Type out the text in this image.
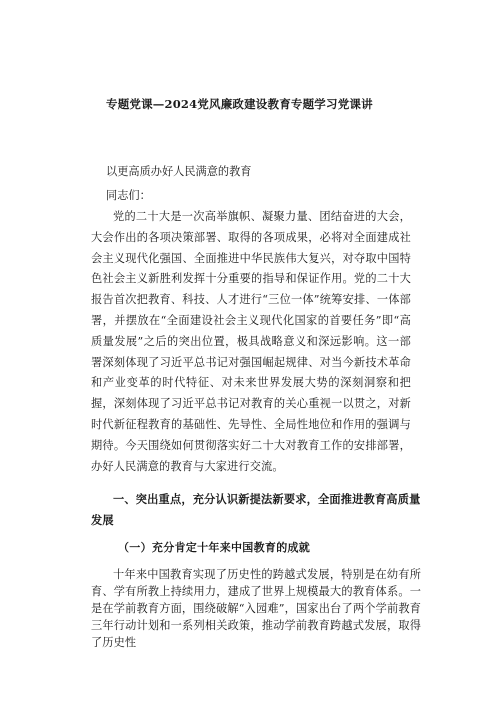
专题党课—2024党风廉政建设教育专题学习党课讲

以更高质办好人民满意的教育

同志们：

党的二十大是一次高举旗帜、凝聚力量、团结奋进的大会，大会作出的各项决策部署、取得的各项成果，必将对全面建成社会主义现代化强国、全面推进中华民族伟大复兴，对夺取中国特色社会主义新胜利发挥十分重要的指导和保证作用。党的二十大报告首次把教育、科技、人才进行“三位一体”统筹安排、一体部署，并摆放在“全面建设社会主义现代化国家的首要任务”即“高质量发展”之后的突出位置，极具战略意义和深远影响。这一部署深刻体现了习近平总书记对强国崛起规律、对当今新技术革命和产业变革的时代特征、对未来世界发展大势的深刻洞察和把握，深刻体现了习近平总书记对教育的关心重视一以贯之，对新时代新征程教育的基础性、先导性、全局性地位和作用的强调与期待。今天围绕如何贯彻落实好二十大对教育工作的安排部署，办好人民满意的教育与大家进行交流。

一、突出重点，充分认识新提法新要求，全面推进教育高质量发展
（一）充分肯定十年来中国教育的成就

十年来中国教育实现了历史性的跨越式发展，特别是在幼有所育、学有所教上持续用力，建成了世界上规模最大的教育体系。一是在学前教育方面，围绕破解“入园难”，国家出台了两个学前教育三年行动计划和一系列相关政策，推动学前教育跨越式发展，取得了历史性
